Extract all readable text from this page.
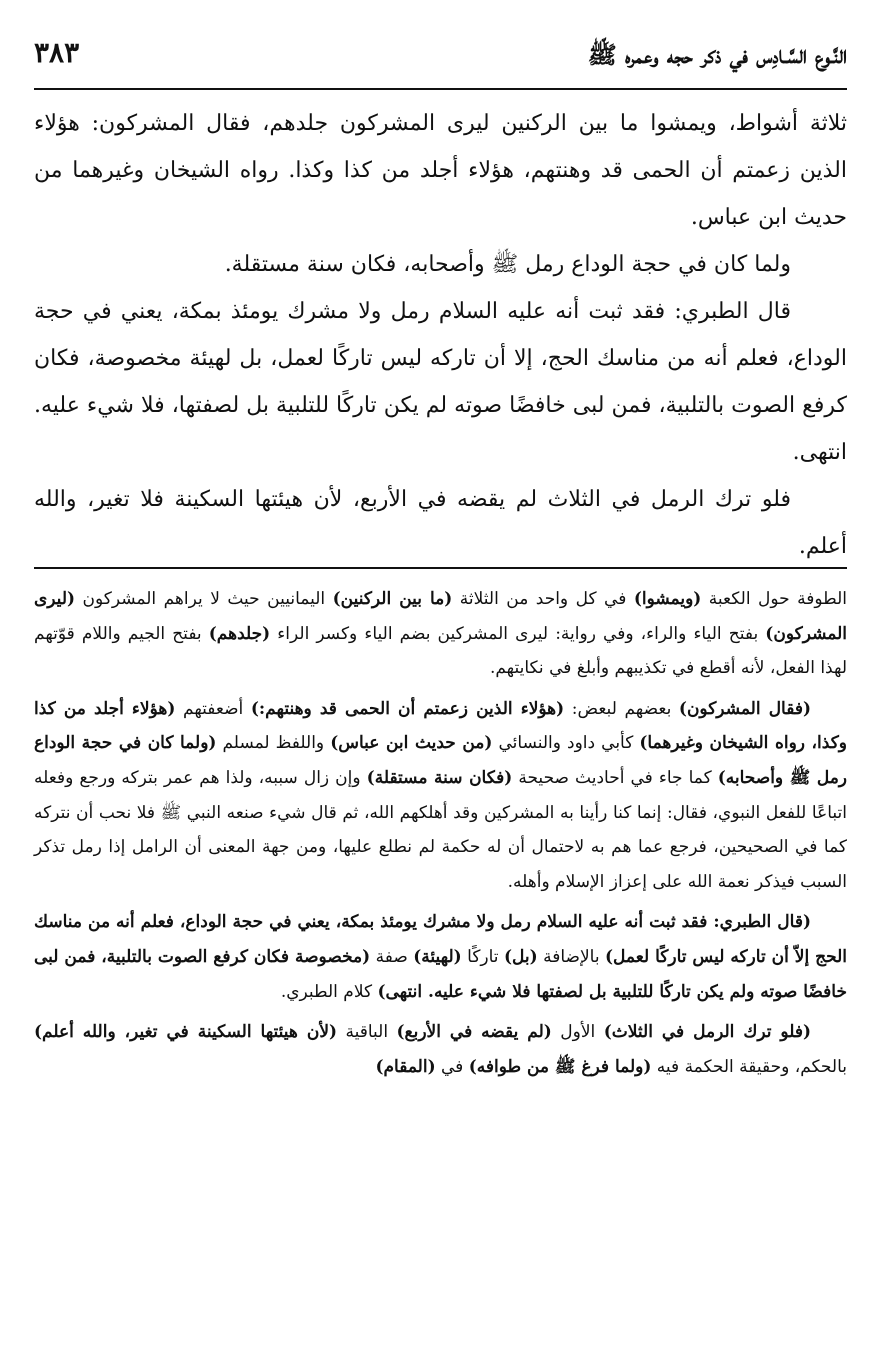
النَّـوع السَّـادِس في ذكر حجه وعمره ﷺ
٣٨٣

ثلاثة أشواط، ويمشوا ما بين الركنين ليرى المشركون جلدهم، فقال المشركون: هؤلاء الذين زعمتم أن الحمى قد وهنتهم، هؤلاء أجلد من كذا وكذا. رواه الشيخان وغيرهما من حديث ابن عباس.

ولما كان في حجة الوداع رمل ﷺ وأصحابه، فكان سنة مستقلة.

قال الطبري: فقد ثبت أنه عليه السلام رمل ولا مشرك يومئذ بمكة، يعني في حجة الوداع، فعلم أنه من مناسك الحج، إلا أن تاركه ليس تاركًا لعمل، بل لهيئة مخصوصة، فكان كرفع الصوت بالتلبية، فمن لبى خافضًا صوته لم يكن تاركًا للتلبية بل لصفتها، فلا شيء عليه. انتهى.

فلو ترك الرمل في الثلاث لم يقضه في الأربع، لأن هيئتها السكينة فلا تغير، والله أعلم.

الطوفة حول الكعبة (ويمشوا) في كل واحد من الثلاثة (ما بين الركنين) اليمانيين حيث لا يراهم المشركون (ليرى المشركون) بفتح الياء والراء، وفي رواية: ليرى المشركين بضم الياء وكسر الراء (جلدهم) بفتح الجيم واللام قوّتهم لهذا الفعل، لأنه أقطع في تكذيبهم وأبلغ في نكايتهم.

(فقال المشركون) بعضهم لبعض: (هؤلاء الذين زعمتم أن الحمى قد وهنتهم:) أضعفتهم (هؤلاء أجلد من كذا وكذا، رواه الشيخان وغيرهما) كأبي داود والنسائي (من حديث ابن عباس) واللفظ لمسلم (ولما كان في حجة الوداع رمل ﷺ وأصحابه) كما جاء في أحاديث صحيحة (فكان سنة مستقلة) وإن زال سببه، ولذا هم عمر بتركه ورجع وفعله اتباعًا للفعل النبوي، فقال: إنما كنا رأينا به المشركين وقد أهلكهم الله، ثم قال شيء صنعه النبي ﷺ فلا نحب أن نتركه كما في الصحيحين، فرجع عما هم به لاحتمال أن له حكمة لم نطلع عليها، ومن جهة المعنى أن الرامل إذا رمل تذكر السبب فيذكر نعمة الله على إعزاز الإسلام وأهله.

(قال الطبري: فقد ثبت أنه عليه السلام رمل ولا مشرك يومئذ بمكة، يعني في حجة الوداع، فعلم أنه من مناسك الحج إلاّ أن تاركه ليس تاركًا لعمل) بالإضافة (بل) تاركًا (لهيئة) صفة (مخصوصة فكان كرفع الصوت بالتلبية، فمن لبى خافضًا صوته ولم يكن تاركًا للتلبية بل لصفتها فلا شيء عليه. انتهى) كلام الطبري.

(فلو ترك الرمل في الثلاث) الأول (لم يقضه في الأربع) الباقية (لأن هيئتها السكينة في تغير، والله أعلم) بالحكم، وحقيقة الحكمة فيه (ولما فرغ ﷺ من طوافه) في (المقام)
